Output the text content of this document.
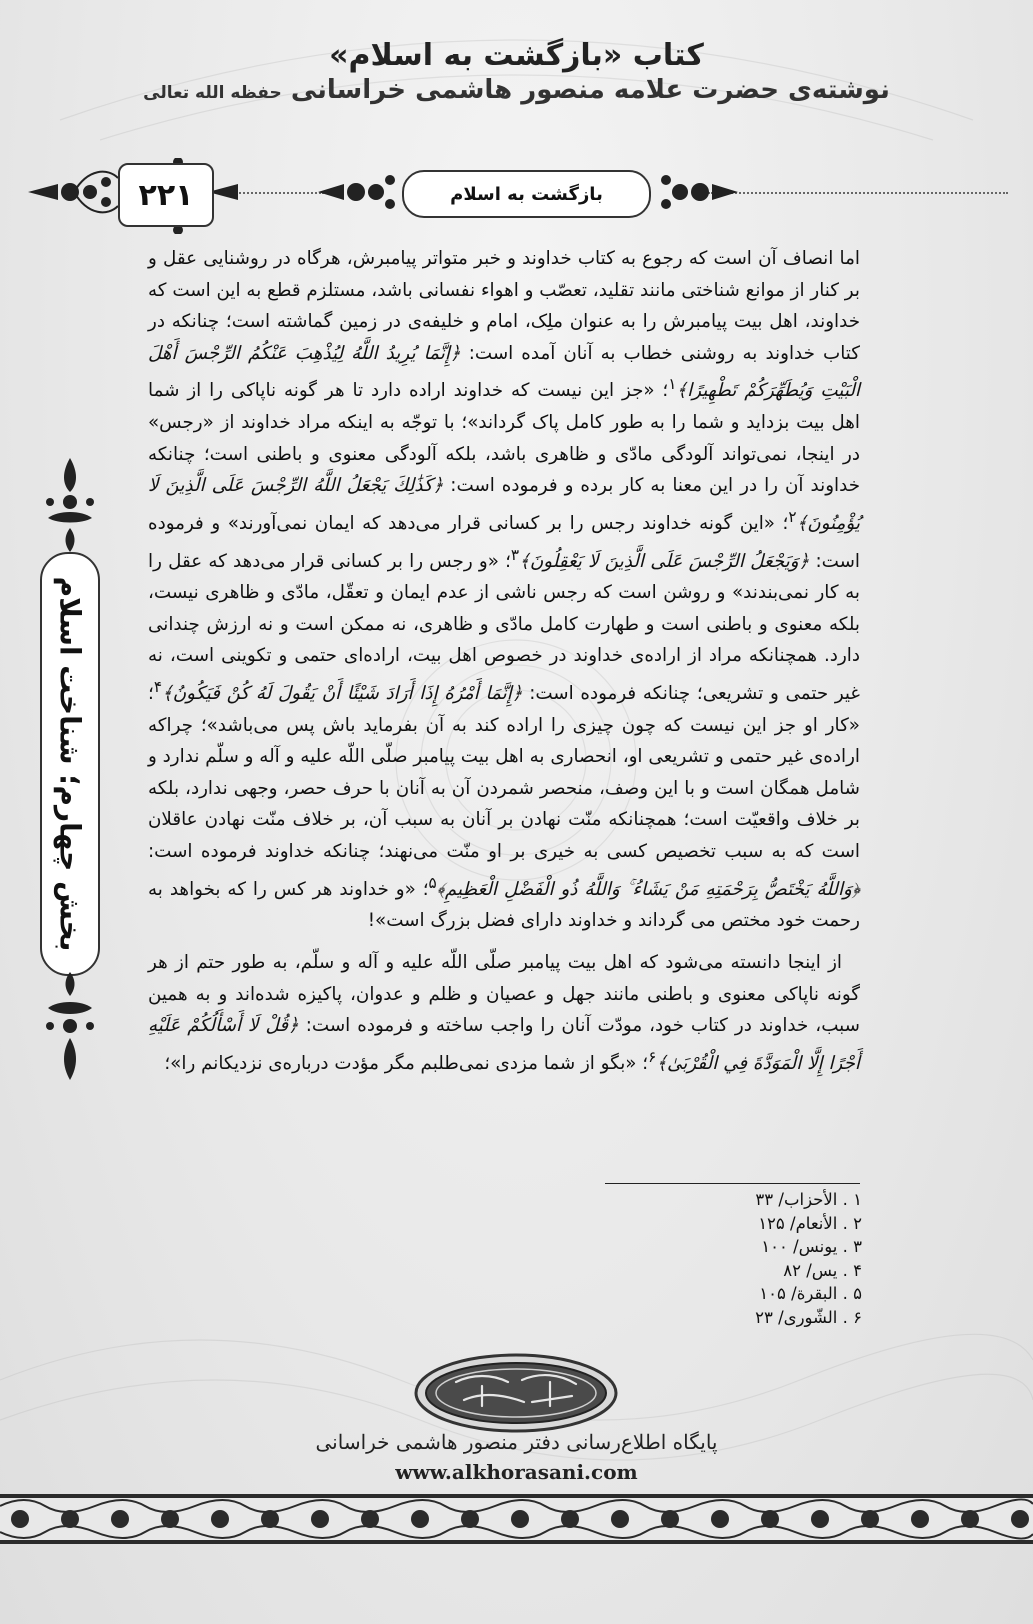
کتاب «بازگشت به اسلام»
نوشته‌ی حضرت علامه منصور هاشمی خراسانی حفظه الله تعالی
۲۲۱	بازگشت به اسلام
بخش چهارم؛ شناخت اسلام

اما انصاف آن است که رجوع به کتاب خداوند و خبر متواتر پیامبرش، هرگاه در روشنایی عقل و بر کنار از موانع شناختی مانند تقلید، تعصّب و اهواء نفسانی باشد، مستلزم قطع به این است که خداوند، اهل بیت پیامبرش را به عنوان ملِک، امام و خلیفه‌ی در زمین گماشته است؛ چنانکه در کتاب خداوند به روشنی خطاب به آنان آمده است: ﴿إِنَّمَا يُرِيدُ اللَّهُ لِيُذْهِبَ عَنْكُمُ الرِّجْسَ أَهْلَ الْبَيْتِ وَيُطَهِّرَكُمْ تَطْهِيرًا﴾$^۱$؛ «جز این نیست که خداوند اراده دارد تا هر گونه ناپاکی را از شما اهل بیت بزداید و شما را به طور کامل پاک گرداند»؛ با توجّه به اینکه مراد خداوند از «رجس» در اینجا، نمی‌تواند آلودگی مادّی و ظاهری باشد، بلکه آلودگی معنوی و باطنی است؛ چنانکه خداوند آن را در این معنا به کار برده و فرموده است: ﴿كَذَٰلِكَ يَجْعَلُ اللَّهُ الرِّجْسَ عَلَى الَّذِينَ لَا يُؤْمِنُونَ﴾$^۲$؛ «این گونه خداوند رجس را بر کسانی قرار می‌دهد که ایمان نمی‌آورند» و فرموده است: ﴿وَيَجْعَلُ الرِّجْسَ عَلَى الَّذِينَ لَا يَعْقِلُونَ﴾$^۳$؛ «و رجس را بر کسانی قرار می‌دهد که عقل را به کار نمی‌بندند» و روشن است که رجس ناشی از عدم ایمان و تعقّل، مادّی و ظاهری نیست، بلکه معنوی و باطنی است و طهارت کامل مادّی و ظاهری، نه ممکن است و نه ارزش چندانی دارد. همچنانکه مراد از اراده‌ی خداوند در خصوص اهل بیت، اراده‌ای حتمی و تکوینی است، نه غیر حتمی و تشریعی؛ چنانکه فرموده است: ﴿إِنَّمَا أَمْرُهُ إِذَا أَرَادَ شَيْئًا أَنْ يَقُولَ لَهُ كُنْ فَيَكُونُ﴾$^۴$؛ «کار او جز این نیست که چون چیزی را اراده کند به آن بفرماید باش پس می‌باشد»؛ چراکه اراده‌ی غیر حتمی و تشریعی او، انحصاری به اهل بیت پیامبر صلّی اللّه علیه و آله و سلّم ندارد و شامل همگان است و با این وصف، منحصر شمردن آن به آنان با حرف حصر، وجهی ندارد، بلکه بر خلاف واقعیّت است؛ همچنانکه منّت نهادن بر آنان به سبب آن، بر خلاف منّت نهادن عاقلان است که به سبب تخصیص کسی به خیری بر او منّت می‌نهند؛ چنانکه خداوند فرموده است: ﴿وَاللَّهُ يَخْتَصُّ بِرَحْمَتِهِ مَنْ يَشَاءُ ۚ وَاللَّهُ ذُو الْفَضْلِ الْعَظِيمِ﴾$^۵$؛ «و خداوند هر کس را که بخواهد به رحمت خود مختص می گرداند و خداوند دارای فضل بزرگ است»!

از اینجا دانسته می‌شود که اهل بیت پیامبر صلّی اللّه علیه و آله و سلّم، به طور حتم از هر گونه ناپاکی معنوی و باطنی مانند جهل و عصیان و ظلم و عدوان، پاکیزه شده‌اند و به همین سبب، خداوند در کتاب خود، مودّت آنان را واجب ساخته و فرموده است: ﴿قُلْ لَا أَسْأَلُكُمْ عَلَيْهِ أَجْرًا إِلَّا الْمَوَدَّةَ فِي الْقُرْبَىٰ﴾$^۶$؛ «بگو از شما مزدی نمی‌طلبم مگر مؤدت درباره‌ی نزدیکانم را»؛

۱ . الأحزاب/ ۳۳
۲ . الأنعام/ ۱۲۵
۳ . یونس/ ۱۰۰
۴ . یس/ ۸۲
۵ . البقرة/ ۱۰۵
۶ . الشّوری/ ۲۳
پایگاه اطلاع‌رسانی دفتر منصور هاشمی خراسانی
www.alkhorasani.com
